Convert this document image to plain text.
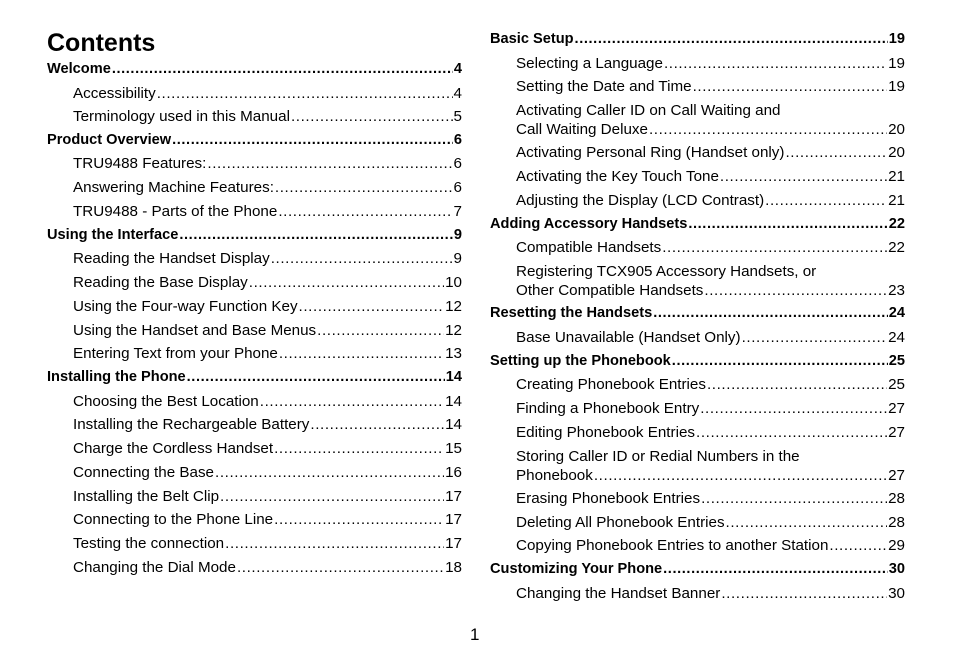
Contents
Welcome .....	4
Accessibility .....	4
Terminology used in this Manual .....	5
Product Overview .....	6
TRU9488 Features: .....	6
Answering Machine Features: .....	6
TRU9488 - Parts of the Phone .....	7
Using the Interface .....	9
Reading the Handset Display .....	9
Reading the Base Display .....	10
Using the Four-way Function Key .....	12
Using the Handset and Base Menus .....	12
Entering Text from your Phone .....	13
Installing the Phone .....	14
Choosing the Best Location .....	14
Installing the Rechargeable Battery .....	14
Charge the Cordless Handset .....	15
Connecting the Base .....	16
Installing the Belt Clip .....	17
Connecting to the Phone Line .....	17
Testing the connection .....	17
Changing the Dial Mode .....	18
Basic Setup .....	19
Selecting a Language .....	19
Setting the Date and Time .....	19
Activating Caller ID on Call Waiting and
Call Waiting Deluxe .....	20
Activating Personal Ring (Handset only) .....	20
Activating the Key Touch Tone .....	21
Adjusting the Display (LCD Contrast) .....	21
Adding Accessory Handsets .....	22
Compatible Handsets .....	22
Registering TCX905 Accessory Handsets, or
Other Compatible Handsets .....	23
Resetting the Handsets .....	24
Base Unavailable (Handset Only) .....	24
Setting up the Phonebook .....	25
Creating Phonebook Entries .....	25
Finding a Phonebook Entry .....	27
Editing Phonebook Entries .....	27
Storing Caller ID or Redial Numbers in the
Phonebook .....	27
Erasing Phonebook Entries .....	28
Deleting All Phonebook Entries .....	28
Copying Phonebook Entries to another Station .....	29
Customizing Your Phone .....	30
Changing the Handset Banner .....	30
1
